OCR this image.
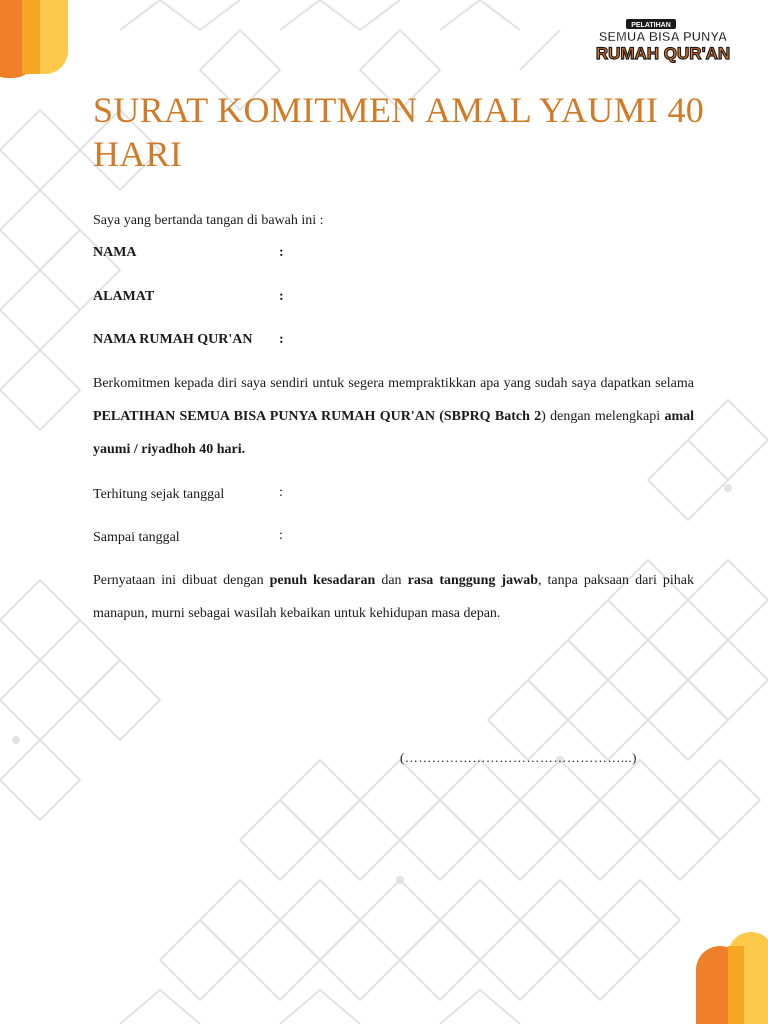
PELATIHAN
SEMUA BISA PUNYA
RUMAH QUR'AN
SURAT KOMITMEN AMAL YAUMI 40 HARI
Saya yang bertanda tangan di bawah ini :
NAMA	:
ALAMAT	:
NAMA RUMAH QUR'AN :
Berkomitmen kepada diri saya sendiri untuk segera mempraktikkan apa yang sudah saya dapatkan selama PELATIHAN SEMUA BISA PUNYA RUMAH QUR'AN (SBPRQ Batch 2) dengan melengkapi amal yaumi / riyadhoh 40 hari.
Terhitung sejak tanggal	:
Sampai tanggal	:
Pernyataan ini dibuat dengan penuh kesadaran dan rasa tanggung jawab, tanpa paksaan dari pihak manapun, murni sebagai wasilah kebaikan untuk kehidupan masa depan.
(…………………………………………...)
